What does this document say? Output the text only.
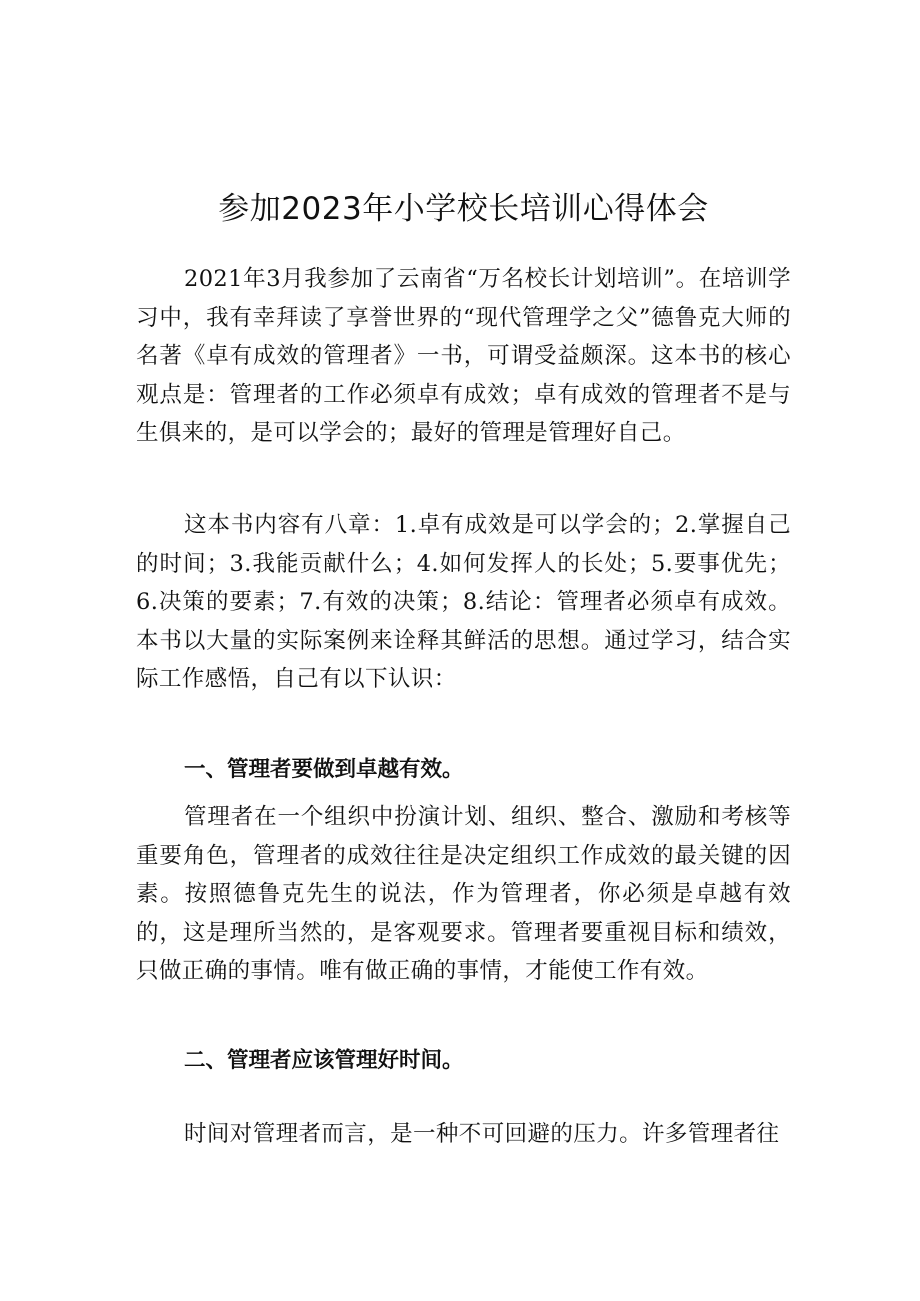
参加2023年小学校长培训心得体会

2021年3月我参加了云南省“万名校长计划培训”。在培训学习中，我有幸拜读了享誉世界的“现代管理学之父”德鲁克大师的名著《卓有成效的管理者》一书，可谓受益颇深。这本书的核心观点是：管理者的工作必须卓有成效；卓有成效的管理者不是与生俱来的，是可以学会的；最好的管理是管理好自己。

这本书内容有八章：1.卓有成效是可以学会的；2.掌握自己的时间；3.我能贡献什么；4.如何发挥人的长处；5.要事优先；6.决策的要素；7.有效的决策；8.结论：管理者必须卓有成效。本书以大量的实际案例来诠释其鲜活的思想。通过学习，结合实际工作感悟，自己有以下认识：

一、管理者要做到卓越有效。

管理者在一个组织中扮演计划、组织、整合、激励和考核等重要角色，管理者的成效往往是决定组织工作成效的最关键的因素。按照德鲁克先生的说法，作为管理者，你必须是卓越有效的，这是理所当然的，是客观要求。管理者要重视目标和绩效，只做正确的事情。唯有做正确的事情，才能使工作有效。

二、管理者应该管理好时间。

时间对管理者而言，是一种不可回避的压力。许多管理者往
